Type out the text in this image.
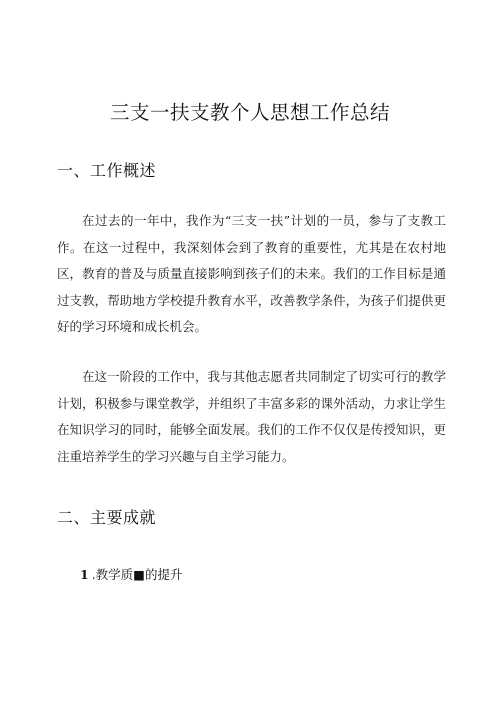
三支一扶支教个人思想工作总结
一、工作概述

在过去的一年中，我作为“三支一扶”计划的一员，参与了支教工作。在这一过程中，我深刻体会到了教育的重要性，尤其是在农村地区，教育的普及与质量直接影响到孩子们的未来。我们的工作目标是通过支教，帮助地方学校提升教育水平，改善教学条件，为孩子们提供更好的学习环境和成长机会。

在这一阶段的工作中，我与其他志愿者共同制定了切实可行的教学计划，积极参与课堂教学，并组织了丰富多彩的课外活动，力求让学生在知识学习的同时，能够全面发展。我们的工作不仅仅是传授知识，更注重培养学生的学习兴趣与自主学习能力。

二、主要成就
1 .教学质■的提升
